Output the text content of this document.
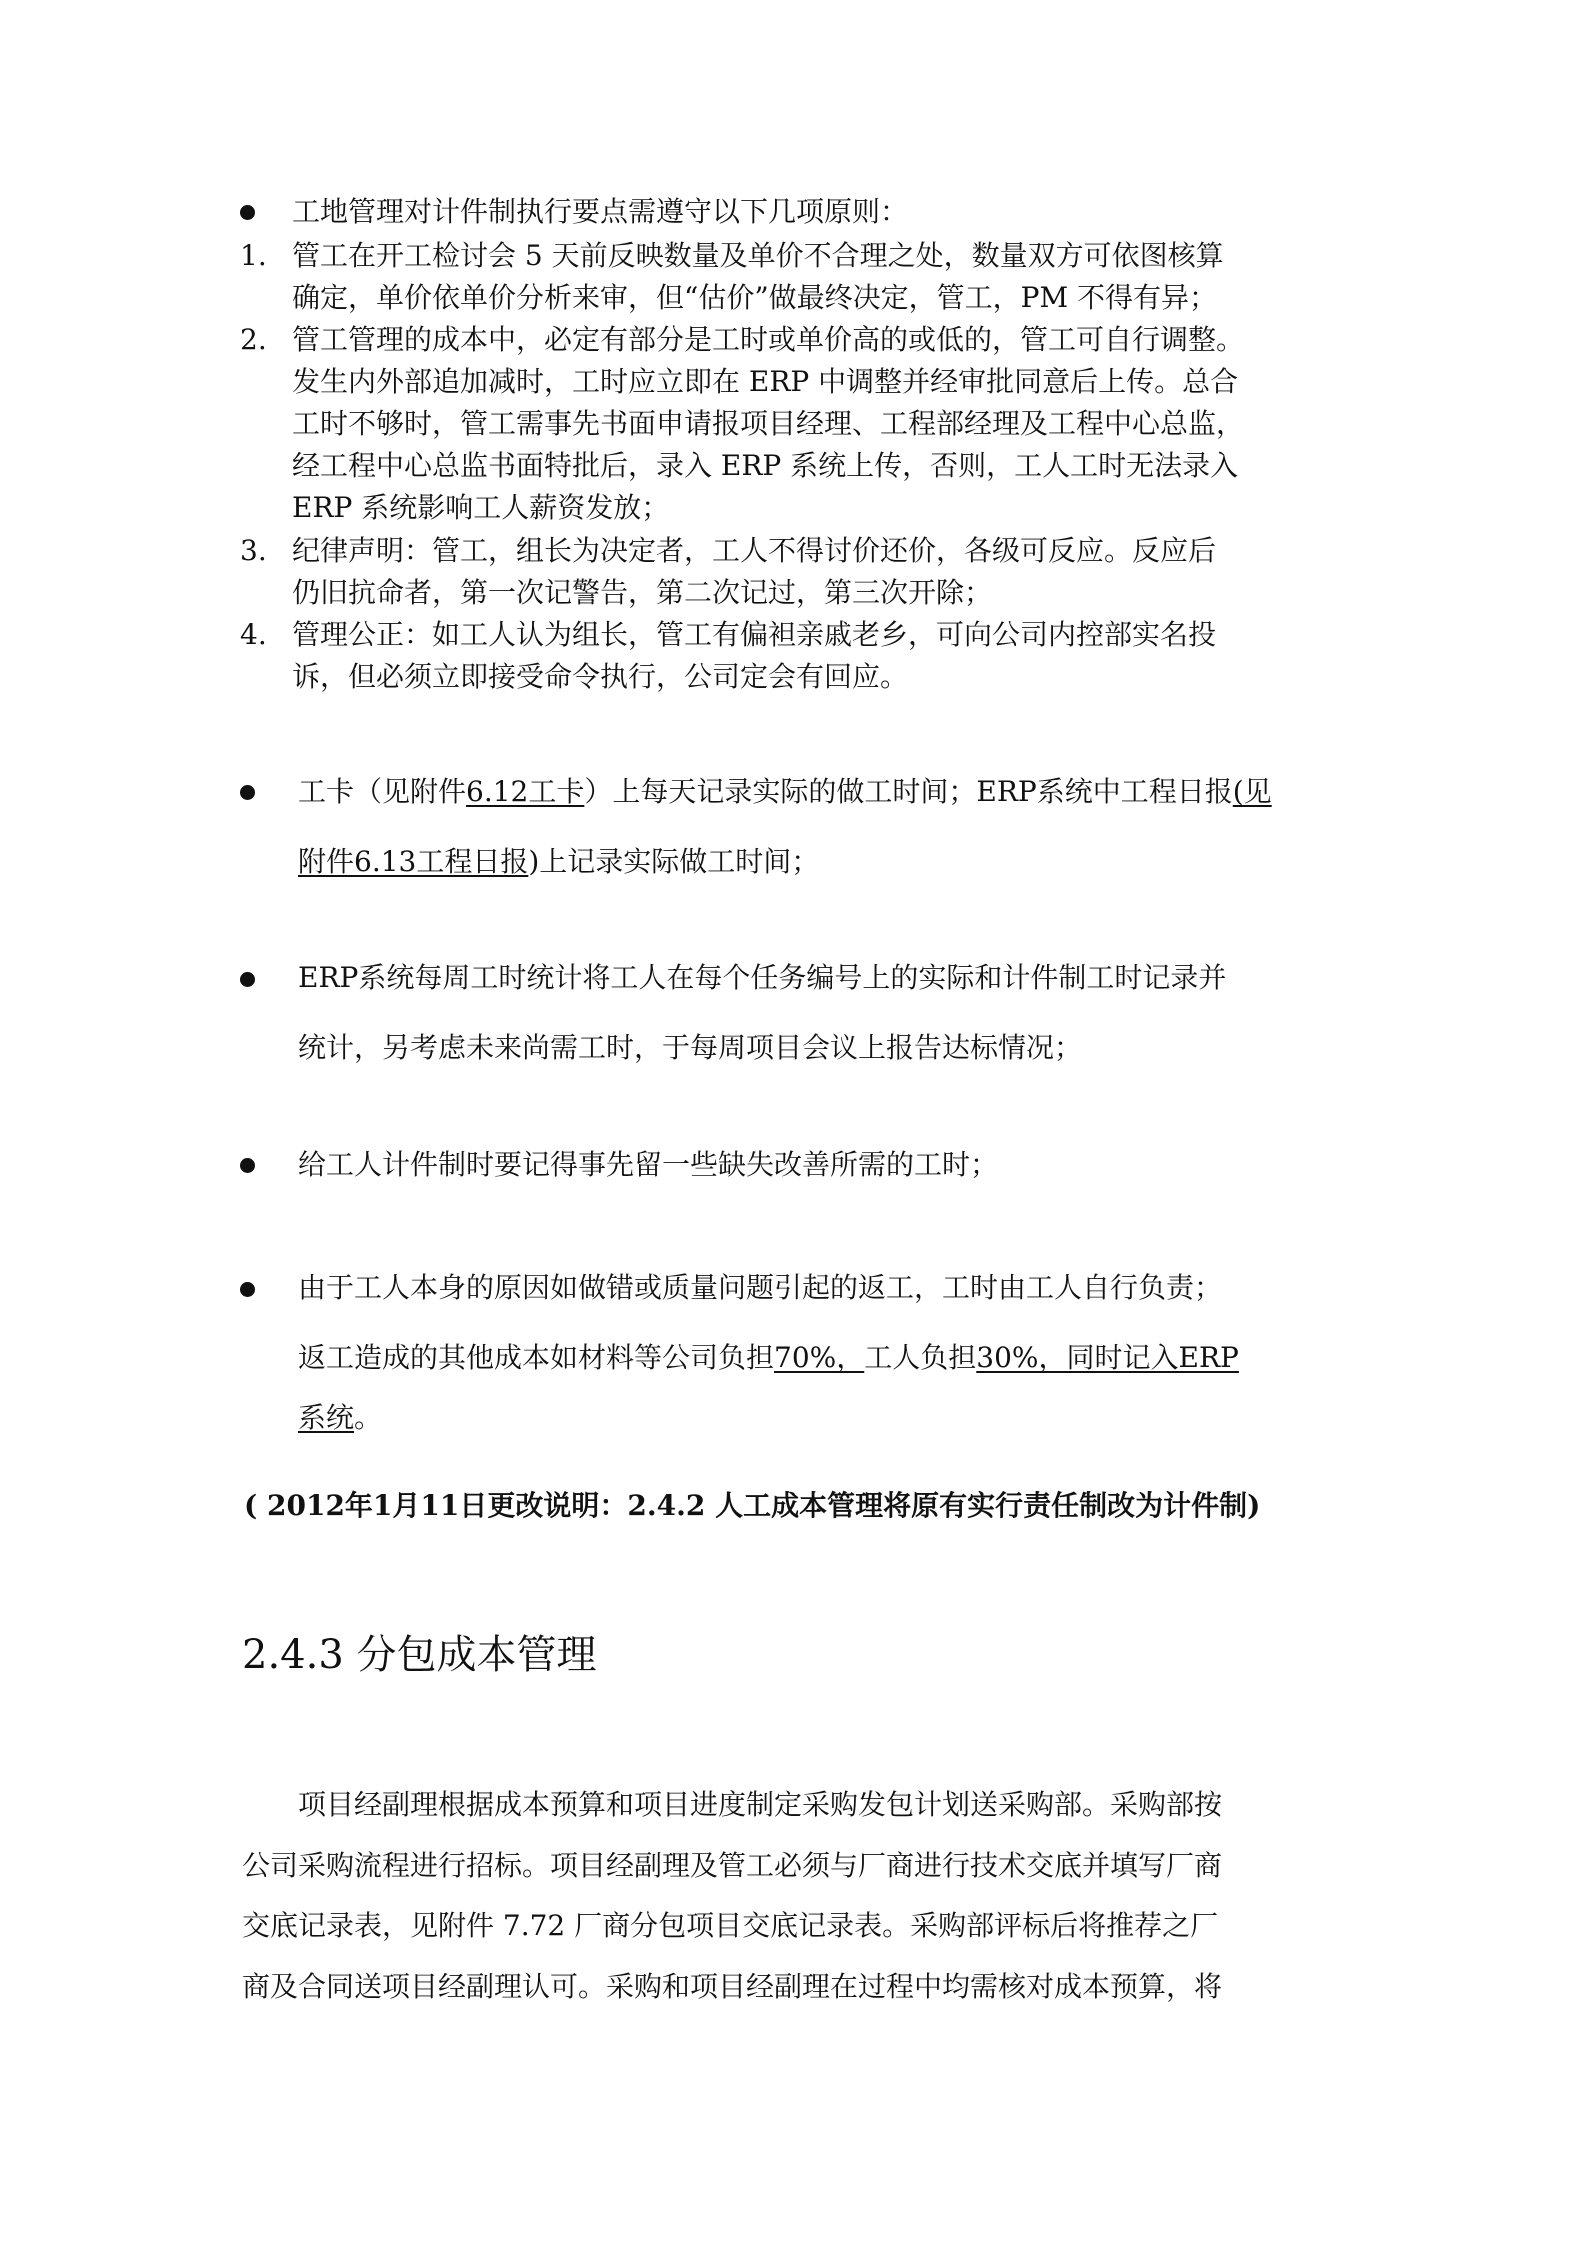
工地管理对计件制执行要点需遵守以下几项原则：
1. 管工在开工检讨会 5 天前反映数量及单价不合理之处，数量双方可依图核算
确定，单价依单价分析来审，但“估价”做最终决定，管工，PM 不得有异；
2. 管工管理的成本中，必定有部分是工时或单价高的或低的，管工可自行调整。
发生内外部追加减时，工时应立即在 ERP 中调整并经审批同意后上传。总合
工时不够时，管工需事先书面申请报项目经理、工程部经理及工程中心总监，
经工程中心总监书面特批后，录入 ERP 系统上传，否则，工人工时无法录入
ERP 系统影响工人薪资发放；
3. 纪律声明：管工，组长为决定者，工人不得讨价还价，各级可反应。反应后
仍旧抗命者，第一次记警告，第二次记过，第三次开除；
4. 管理公正：如工人认为组长，管工有偏袒亲戚老乡，可向公司内控部实名投
诉，但必须立即接受命令执行，公司定会有回应。
工卡（见附件6.12工卡）上每天记录实际的做工时间；ERP系统中工程日报(见
附件6.13工程日报)上记录实际做工时间；
ERP系统每周工时统计将工人在每个任务编号上的实际和计件制工时记录并
统计，另考虑未来尚需工时，于每周项目会议上报告达标情况；
给工人计件制时要记得事先留一些缺失改善所需的工时；
由于工人本身的原因如做错或质量问题引起的返工，工时由工人自行负责；
返工造成的其他成本如材料等公司负担70%，工人负担30%，同时记入ERP
系统。
( 2012年1月11日更改说明：2.4.2 人工成本管理将原有实行责任制改为计件制)
2.4.3 分包成本管理
项目经副理根据成本预算和项目进度制定采购发包计划送采购部。采购部按
公司采购流程进行招标。项目经副理及管工必须与厂商进行技术交底并填写厂商
交底记录表，见附件 7.72 厂商分包项目交底记录表。采购部评标后将推荐之厂
商及合同送项目经副理认可。采购和项目经副理在过程中均需核对成本预算，将
